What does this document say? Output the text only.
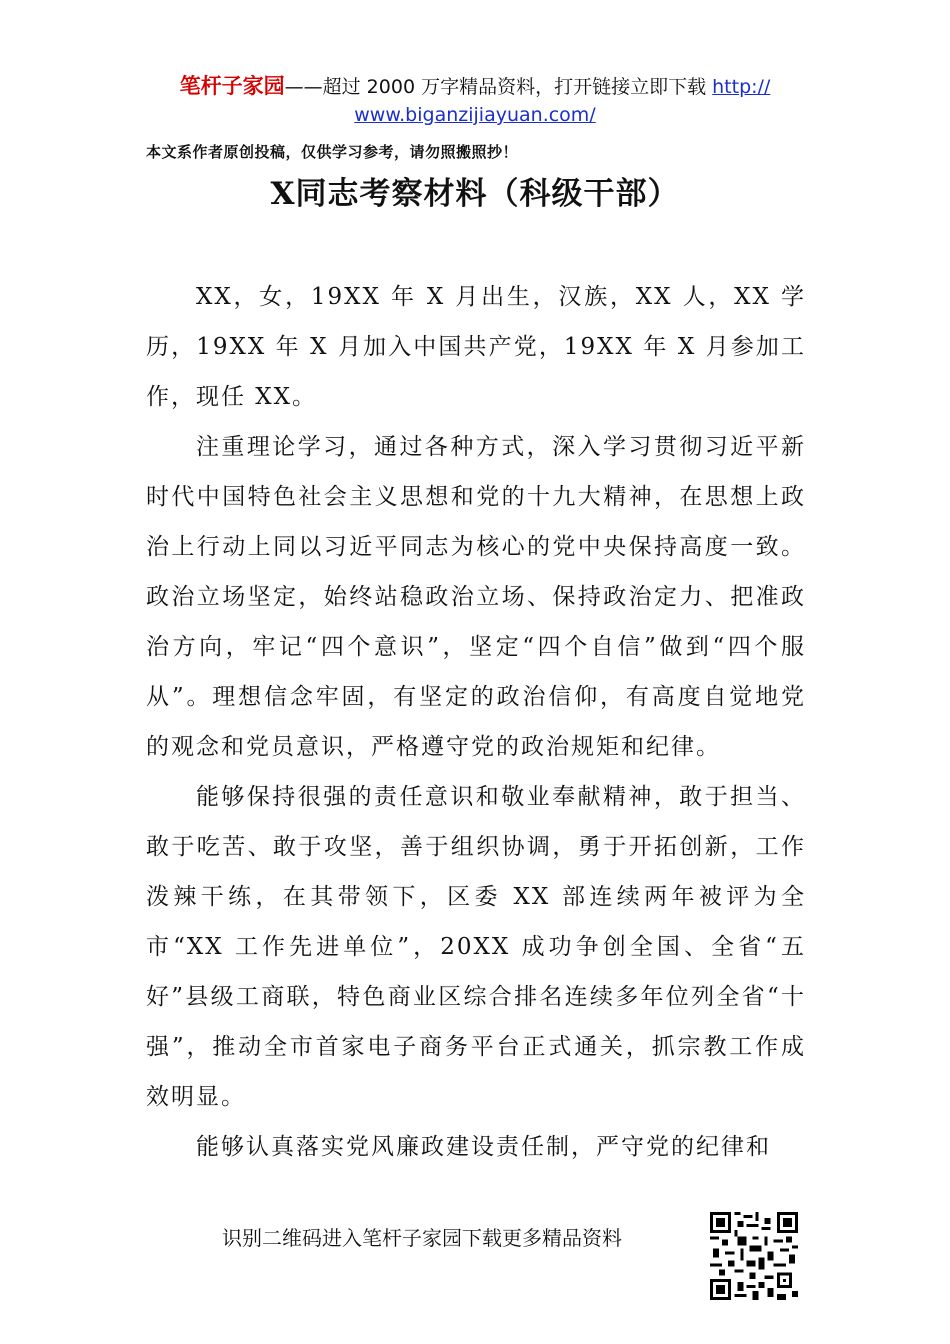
笔杆子家园——超过 2000 万字精品资料，打开链接立即下载 http://
www.biganzijiayuan.com/
本文系作者原创投稿，仅供学习参考，请勿照搬照抄！
X同志考察材料（科级干部）

XX，女，19XX 年 X 月出生，汉族，XX 人，XX 学历，19XX 年 X 月加入中国共产党，19XX 年 X 月参加工作，现任 XX。

注重理论学习，通过各种方式，深入学习贯彻习近平新时代中国特色社会主义思想和党的十九大精神，在思想上政治上行动上同以习近平同志为核心的党中央保持高度一致。政治立场坚定，始终站稳政治立场、保持政治定力、把准政治方向，牢记“四个意识”，坚定“四个自信”做到“四个服从”。理想信念牢固，有坚定的政治信仰，有高度自觉地党的观念和党员意识，严格遵守党的政治规矩和纪律。

能够保持很强的责任意识和敬业奉献精神，敢于担当、敢于吃苦、敢于攻坚，善于组织协调，勇于开拓创新，工作泼辣干练，在其带领下，区委 XX 部连续两年被评为全市“XX 工作先进单位”，20XX 成功争创全国、全省“五好”县级工商联，特色商业区综合排名连续多年位列全省“十强”，推动全市首家电子商务平台正式通关，抓宗教工作成效明显。

能够认真落实党风廉政建设责任制，严守党的纪律和

识别二维码进入笔杆子家园下载更多精品资料
